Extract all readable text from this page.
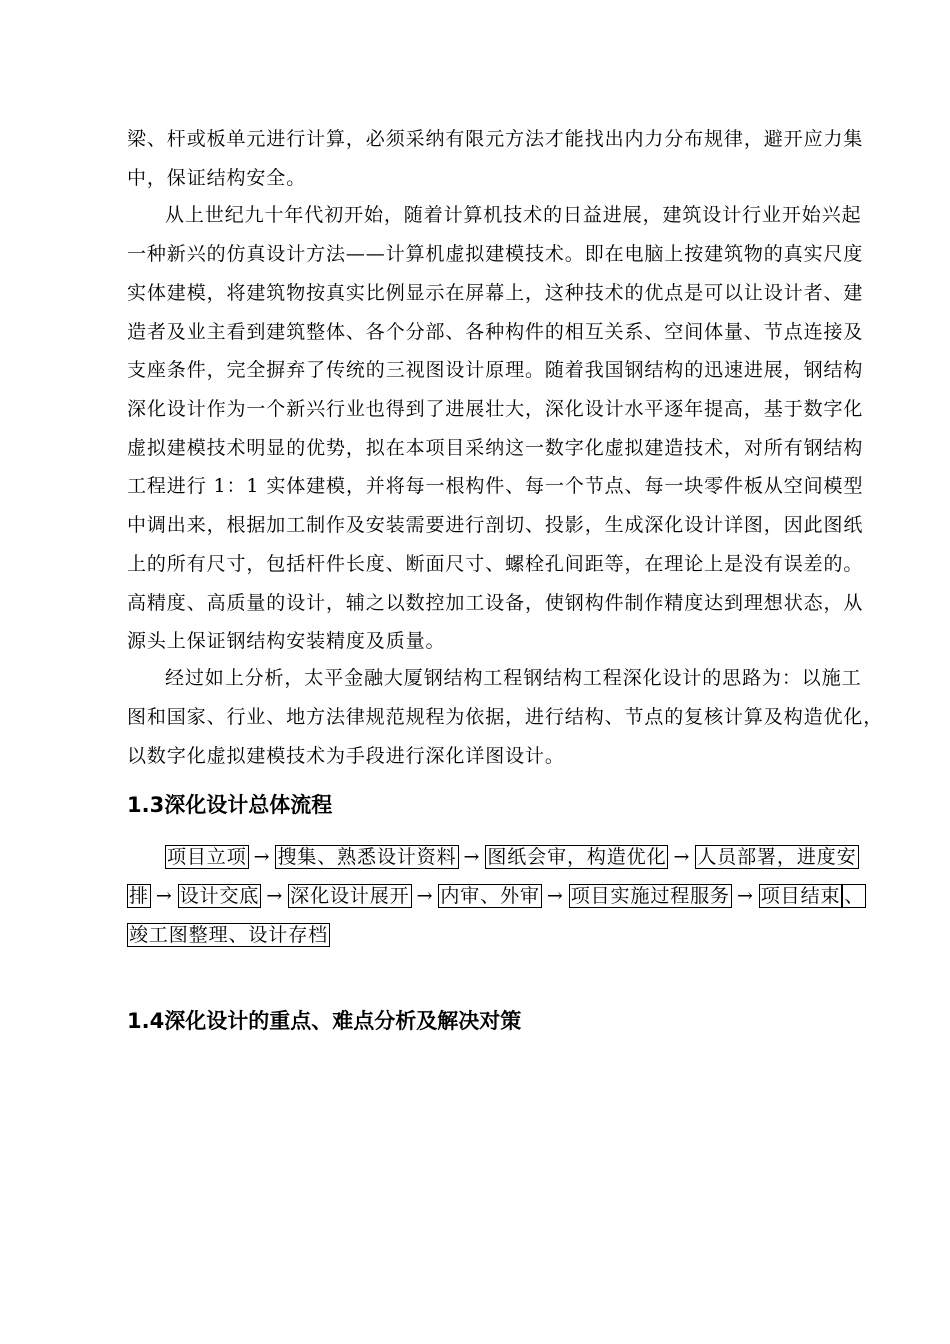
梁、杆或板单元进行计算，必须采纳有限元方法才能找出内力分布规律，避开应力集
中，保证结构安全。
从上世纪九十年代初开始，随着计算机技术的日益进展，建筑设计行业开始兴起
一种新兴的仿真设计方法——计算机虚拟建模技术。即在电脑上按建筑物的真实尺度
实体建模，将建筑物按真实比例显示在屏幕上，这种技术的优点是可以让设计者、建
造者及业主看到建筑整体、各个分部、各种构件的相互关系、空间体量、节点连接及
支座条件，完全摒弃了传统的三视图设计原理。随着我国钢结构的迅速进展，钢结构
深化设计作为一个新兴行业也得到了进展壮大，深化设计水平逐年提高，基于数字化
虚拟建模技术明显的优势，拟在本项目采纳这一数字化虚拟建造技术，对所有钢结构
工程进行 1：1 实体建模，并将每一根构件、每一个节点、每一块零件板从空间模型
中调出来，根据加工制作及安装需要进行剖切、投影，生成深化设计详图，因此图纸
上的所有尺寸，包括杆件长度、断面尺寸、螺栓孔间距等，在理论上是没有误差的。
高精度、高质量的设计，辅之以数控加工设备，使钢构件制作精度达到理想状态，从
源头上保证钢结构安装精度及质量。
经过如上分析，太平金融大厦钢结构工程钢结构工程深化设计的思路为：以施工
图和国家、行业、地方法律规范规程为依据，进行结构、节点的复核计算及构造优化，
以数字化虚拟建模技术为手段进行深化详图设计。
1.3深化设计总体流程
项目立项 → 搜集、熟悉设计资料 → 图纸会审，构造优化 → 人员部署，进度安
排 → 设计交底 → 深化设计展开 → 内审、外审 → 项目实施过程服务 → 项目结束 、
竣工图整理、设计存档
1.4深化设计的重点、难点分析及解决对策
